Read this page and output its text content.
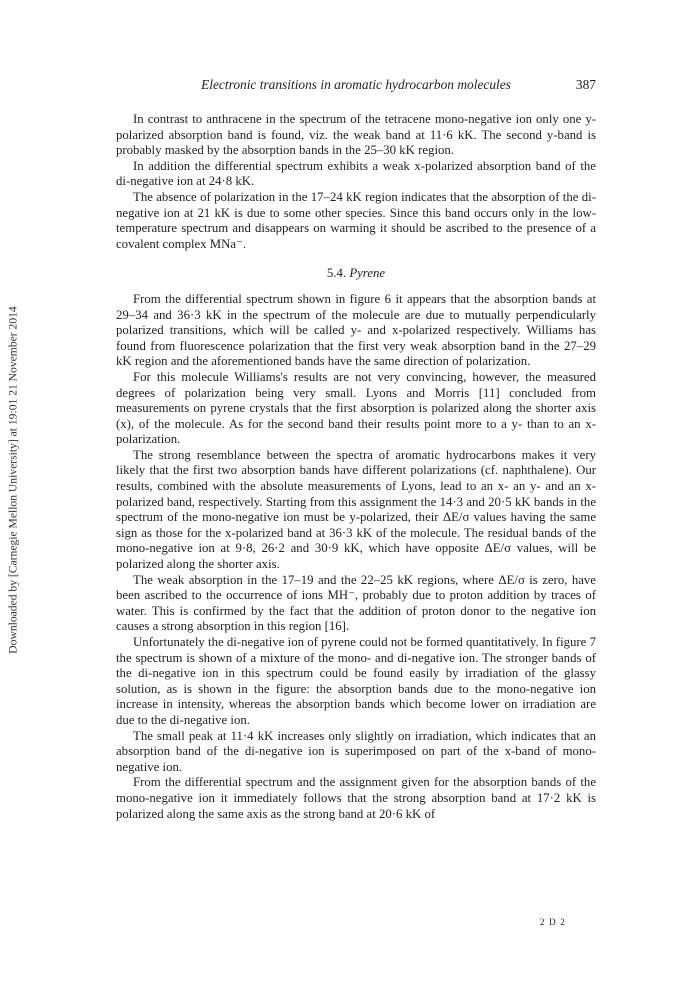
Downloaded by [Carnegie Mellon University] at 19:01 21 November 2014
Electronic transitions in aromatic hydrocarbon molecules	387

In contrast to anthracene in the spectrum of the tetracene mono-negative ion only one y-polarized absorption band is found, viz. the weak band at 11·6 kK. The second y-band is probably masked by the absorption bands in the 25–30 kK region.

In addition the differential spectrum exhibits a weak x-polarized absorption band of the di-negative ion at 24·8 kK.

The absence of polarization in the 17–24 kK region indicates that the absorption of the di-negative ion at 21 kK is due to some other species. Since this band occurs only in the low-temperature spectrum and disappears on warming it should be ascribed to the presence of a covalent complex MNa⁻.

5.4. Pyrene

From the differential spectrum shown in figure 6 it appears that the absorption bands at 29–34 and 36·3 kK in the spectrum of the molecule are due to mutually perpendicularly polarized transitions, which will be called y- and x-polarized respectively. Williams has found from fluorescence polarization that the first very weak absorption band in the 27–29 kK region and the aforementioned bands have the same direction of polarization.

For this molecule Williams's results are not very convincing, however, the measured degrees of polarization being very small. Lyons and Morris [11] concluded from measurements on pyrene crystals that the first absorption is polarized along the shorter axis (x), of the molecule. As for the second band their results point more to a y- than to an x-polarization.

The strong resemblance between the spectra of aromatic hydrocarbons makes it very likely that the first two absorption bands have different polarizations (cf. naphthalene). Our results, combined with the absolute measurements of Lyons, lead to an x- an y- and an x-polarized band, respectively. Starting from this assignment the 14·3 and 20·5 kK bands in the spectrum of the mono-negative ion must be y-polarized, their ΔE/σ values having the same sign as those for the x-polarized band at 36·3 kK of the molecule. The residual bands of the mono-negative ion at 9·8, 26·2 and 30·9 kK, which have opposite ΔE/σ values, will be polarized along the shorter axis.

The weak absorption in the 17–19 and the 22–25 kK regions, where ΔE/σ is zero, have been ascribed to the occurrence of ions MH⁻, probably due to proton addition by traces of water. This is confirmed by the fact that the addition of proton donor to the negative ion causes a strong absorption in this region [16].

Unfortunately the di-negative ion of pyrene could not be formed quantitatively. In figure 7 the spectrum is shown of a mixture of the mono- and di-negative ion. The stronger bands of the di-negative ion in this spectrum could be found easily by irradiation of the glassy solution, as is shown in the figure: the absorption bands due to the mono-negative ion increase in intensity, whereas the absorption bands which become lower on irradiation are due to the di-negative ion.

The small peak at 11·4 kK increases only slightly on irradiation, which indicates that an absorption band of the di-negative ion is superimposed on part of the x-band of mono-negative ion.

From the differential spectrum and the assignment given for the absorption bands of the mono-negative ion it immediately follows that the strong absorption band at 17·2 kK is polarized along the same axis as the strong band at 20·6 kK of

2 D 2
